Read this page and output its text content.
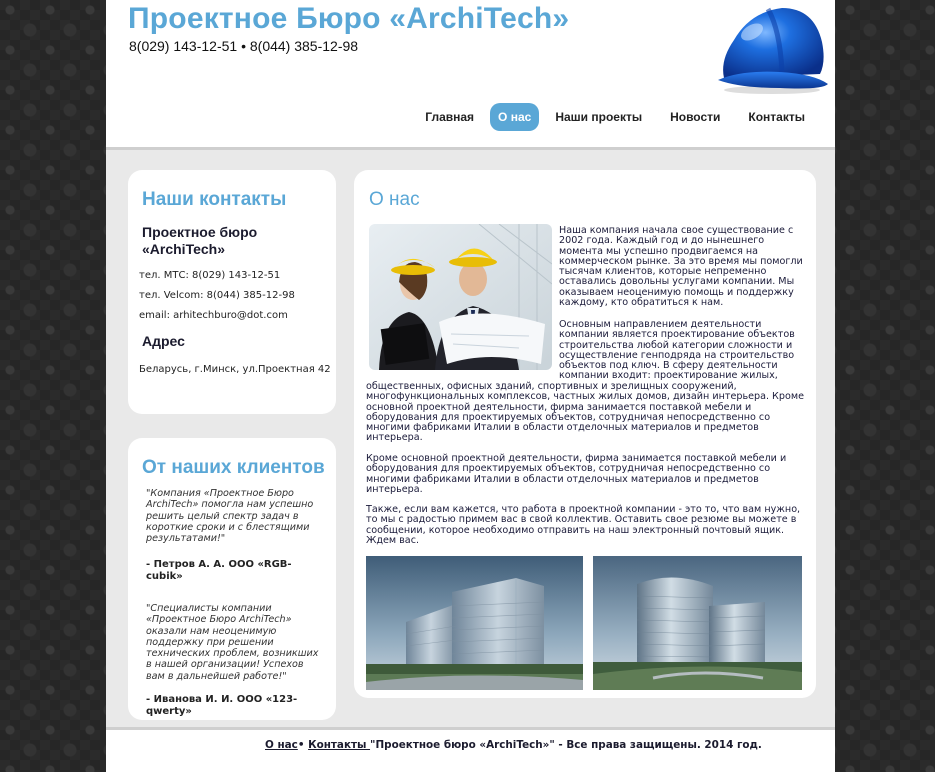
Проектное Бюро «ArchiTech»
8(029) 143-12-51 • 8(044) 385-12-98
Главная	О нас	Наши проекты	Новости	Контакты
Наши контакты
Проектное бюро «ArchiTech»
тел. МТС: 8(029) 143-12-51
тел. Velcom: 8(044) 385-12-98
email: arhitechburo@dot.com
Адрес
Беларусь, г.Минск, ул.Проектная 42
От наших клиентов
"Компания «Проектное Бюро ArchiTech» помогла нам успешно решить целый спектр задач в короткие сроки и с блестящими результатами!"
- Петров А. А. ООО «RGB-cubik»
"Специалисты компании «Проектное Бюро ArchiTech» оказали нам неоценимую поддержку при решении технических проблем, возникших в нашей организации! Успехов вам в дальнейшей работе!"
- Иванова И. И. ООО «123-qwerty»
О нас

Наша компания начала свое существование с 2002 года. Каждый год и до нынешнего момента мы успешно продвигаемся на коммерческом рынке. За это время мы помогли тысячам клиентов, которые непременно оставались довольны услугами компании. Мы оказываем неоценимую помощь и поддержку каждому, кто обратиться к нам.

Основным направлением деятельности компании является проектирование объектов строительства любой категории сложности и осуществление генподряда на строительство объектов под ключ. В сферу деятельности компании входит: проектирование жилых,

общественных, офисных зданий, спортивных и зрелищных сооружений, многофункциональных комплексов, частных жилых домов, дизайн интерьера. Кроме основной проектной деятельности, фирма занимается поставкой мебели и оборудования для проектируемых объектов, сотрудничая непосредственно со многими фабриками Италии в области отделочных материалов и предметов интерьера.

Кроме основной проектной деятельности, фирма занимается поставкой мебели и оборудования для проектируемых объектов, сотрудничая непосредственно со многими фабриками Италии в области отделочных материалов и предметов интерьера.

Также, если вам кажется, что работа в проектной компании - это то, что вам нужно, то мы с радостью примем вас в свой коллектив. Оставить свое резюме вы можете в сообщении, которое необходимо отправить на наш электронный почтовый ящик. Ждем вас.

О нас• Контакты "Проектное бюро «ArchiTech»" - Все права защищены. 2014 год.
